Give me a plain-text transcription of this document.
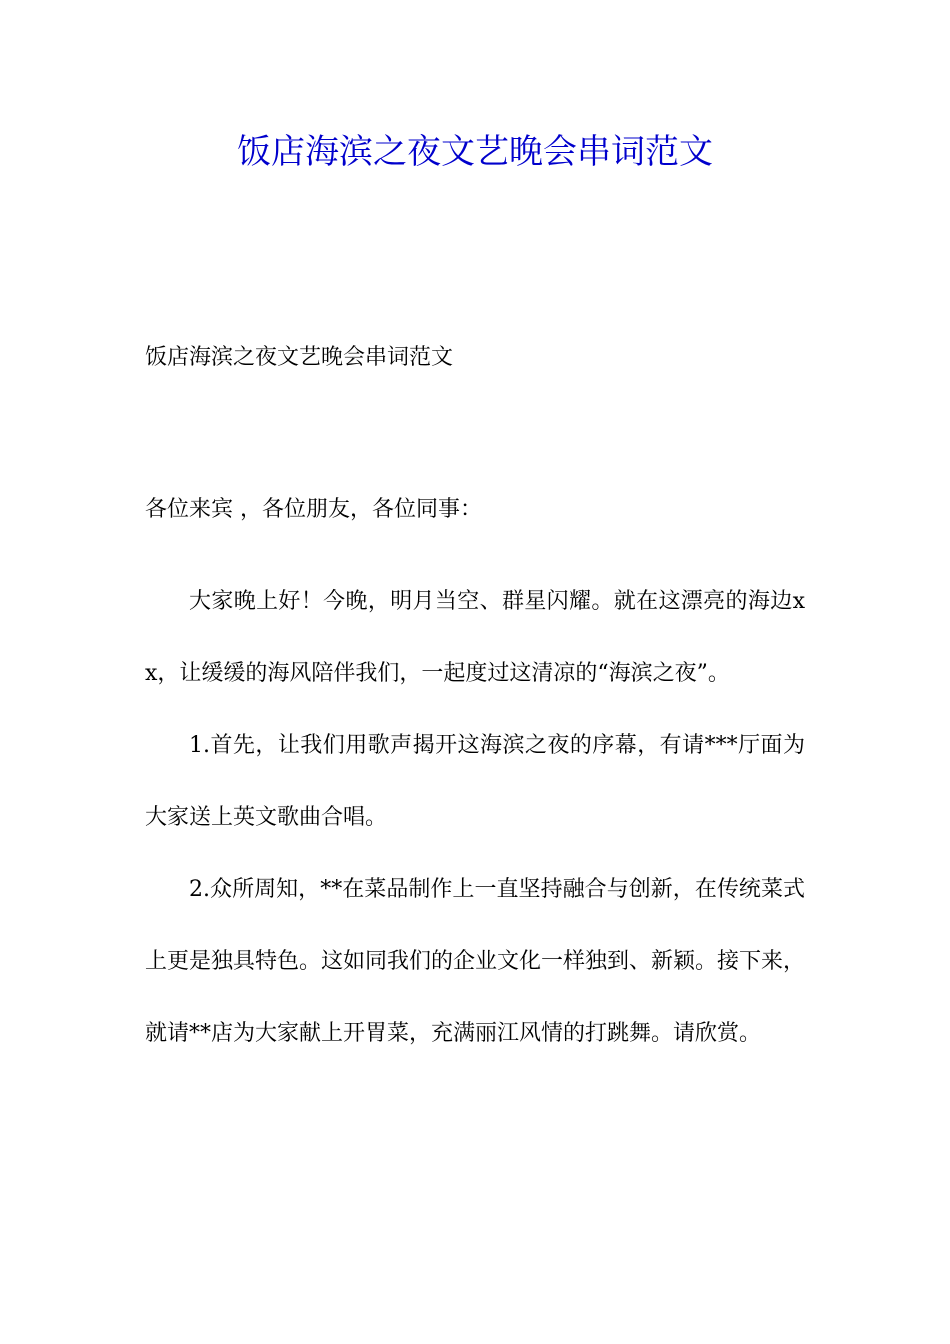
饭店海滨之夜文艺晚会串词范文

饭店海滨之夜文艺晚会串词范文

各位来宾 ，各位朋友，各位同事：

大家晚上好！今晚，明月当空、群星闪耀。就在这漂亮的海边xx，让缓缓的海风陪伴我们，一起度过这清凉的“海滨之夜”。

1.首先，让我们用歌声揭开这海滨之夜的序幕，有请***厅面为大家送上英文歌曲合唱。

2.众所周知，**在菜品制作上一直坚持融合与创新，在传统菜式上更是独具特色。这如同我们的企业文化一样独到、新颖。接下来，就请**店为大家献上开胃菜，充满丽江风情的打跳舞。请欣赏。
